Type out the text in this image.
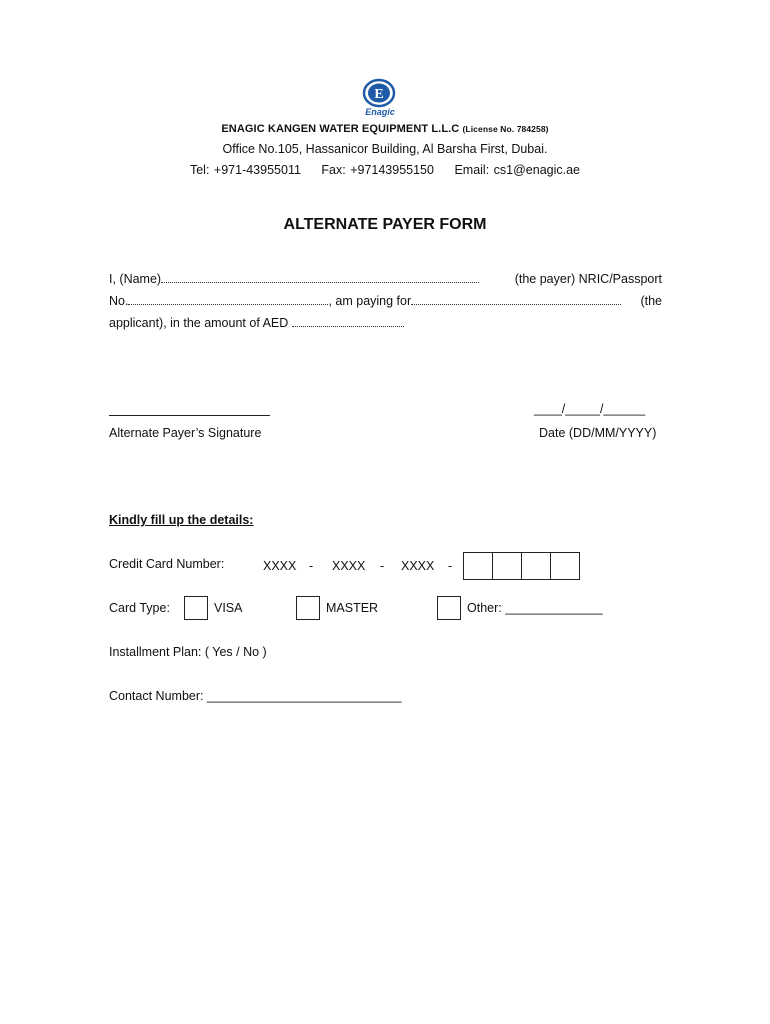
E
Enagic
ENAGIC KANGEN WATER EQUIPMENT L.L.C (License No. 784258)
Office No.105, Hassanicor Building, Al Barsha First, Dubai.
Tel: +971-43955011 Fax: +97143955150 Email: cs1@enagic.ae
ALTERNATE PAYER FORM
I, (Name)	(the payer) NRIC/Passport
No.	, am paying for	(the
applicant), in the amount of AED
____/_____/______
Alternate Payer’s Signature	Date (DD/MM/YYYY)
Kindly fill up the details:
Credit Card Number:	XXXX - XXXX - XXXX -
Card Type:	VISA	MASTER	Other: ______________
Installment Plan: ( Yes / No )
Contact Number: ____________________________
